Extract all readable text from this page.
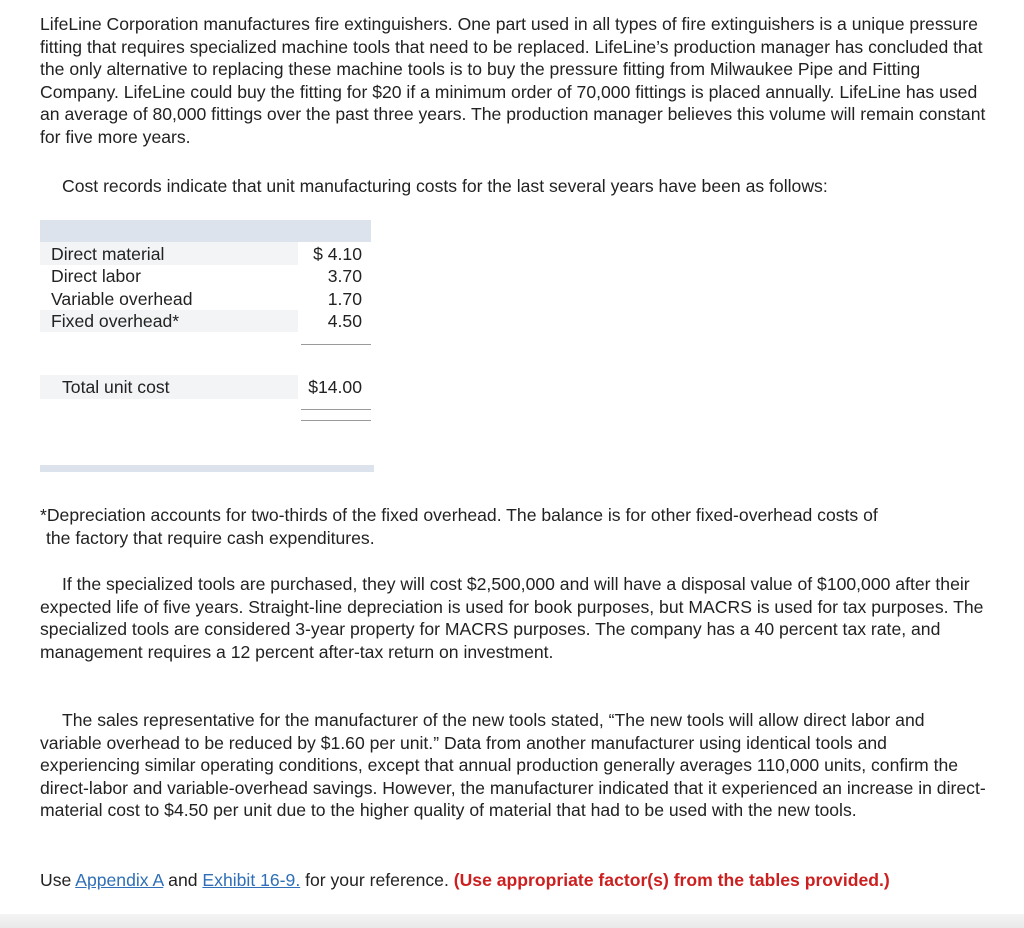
LifeLine Corporation manufactures fire extinguishers. One part used in all types of fire extinguishers is a unique pressure fitting that requires specialized machine tools that need to be replaced. LifeLine’s production manager has concluded that the only alternative to replacing these machine tools is to buy the pressure fitting from Milwaukee Pipe and Fitting Company. LifeLine could buy the fitting for $20 if a minimum order of 70,000 fittings is placed annually. LifeLine has used an average of 80,000 fittings over the past three years. The production manager believes this volume will remain constant for five more years.

Cost records indicate that unit manufacturing costs for the last several years have been as follows:

Direct material	$ 4.10
Direct labor	3.70
Variable overhead	1.70
Fixed overhead*	4.50
Total unit cost	$14.00
*Depreciation accounts for two-thirds of the fixed overhead. The balance is for other fixed-overhead costs of
the factory that require cash expenditures.

If the specialized tools are purchased, they will cost $2,500,000 and will have a disposal value of $100,000 after their expected life of five years. Straight-line depreciation is used for book purposes, but MACRS is used for tax purposes. The specialized tools are considered 3-year property for MACRS purposes. The company has a 40 percent tax rate, and management requires a 12 percent after-tax return on investment.

The sales representative for the manufacturer of the new tools stated, “The new tools will allow direct labor and variable overhead to be reduced by $1.60 per unit.” Data from another manufacturer using identical tools and experiencing similar operating conditions, except that annual production generally averages 110,000 units, confirm the direct-labor and variable-overhead savings. However, the manufacturer indicated that it experienced an increase in direct-material cost to $4.50 per unit due to the higher quality of material that had to be used with the new tools.

Use Appendix A and Exhibit 16-9. for your reference. (Use appropriate factor(s) from the tables provided.)
